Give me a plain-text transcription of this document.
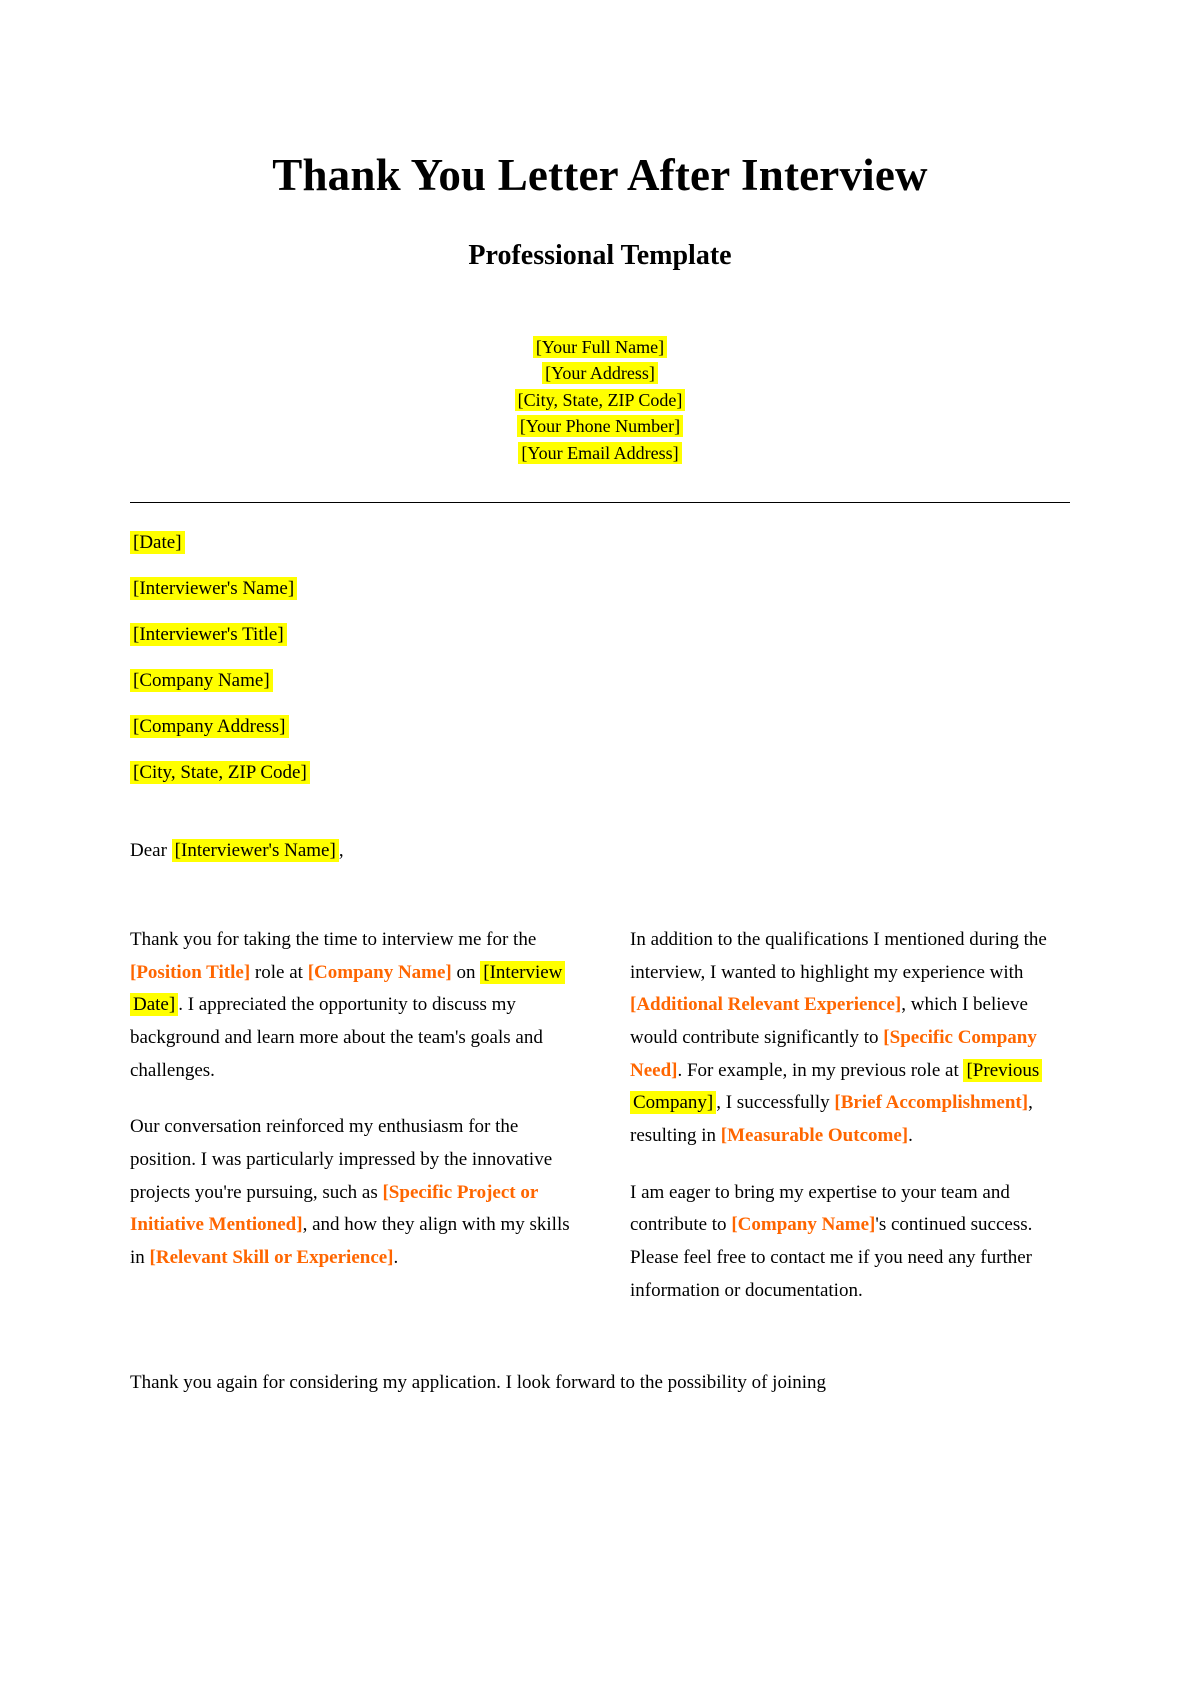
Thank You Letter After Interview
Professional Template
[Your Full Name]
[Your Address]
[City, State, ZIP Code]
[Your Phone Number]
[Your Email Address]
[Date]
[Interviewer's Name]
[Interviewer's Title]
[Company Name]
[Company Address]
[City, State, ZIP Code]
Dear [Interviewer's Name] ,

Thank you for taking the time to interview me for the [Position Title] role at [Company Name] on [Interview Date] . I appreciated the opportunity to discuss my background and learn more about the team's goals and challenges.

Our conversation reinforced my enthusiasm for the position. I was particularly impressed by the innovative projects you're pursuing, such as [Specific Project or Initiative Mentioned], and how they align with my skills in [Relevant Skill or Experience].

In addition to the qualifications I mentioned during the interview, I wanted to highlight my experience with [Additional Relevant Experience], which I believe would contribute significantly to [Specific Company Need]. For example, in my previous role at [Previous Company] , I successfully [Brief Accomplishment], resulting in [Measurable Outcome].

I am eager to bring my expertise to your team and contribute to [Company Name]'s continued success. Please feel free to contact me if you need any further information or documentation.

Thank you again for considering my application. I look forward to the possibility of joining
